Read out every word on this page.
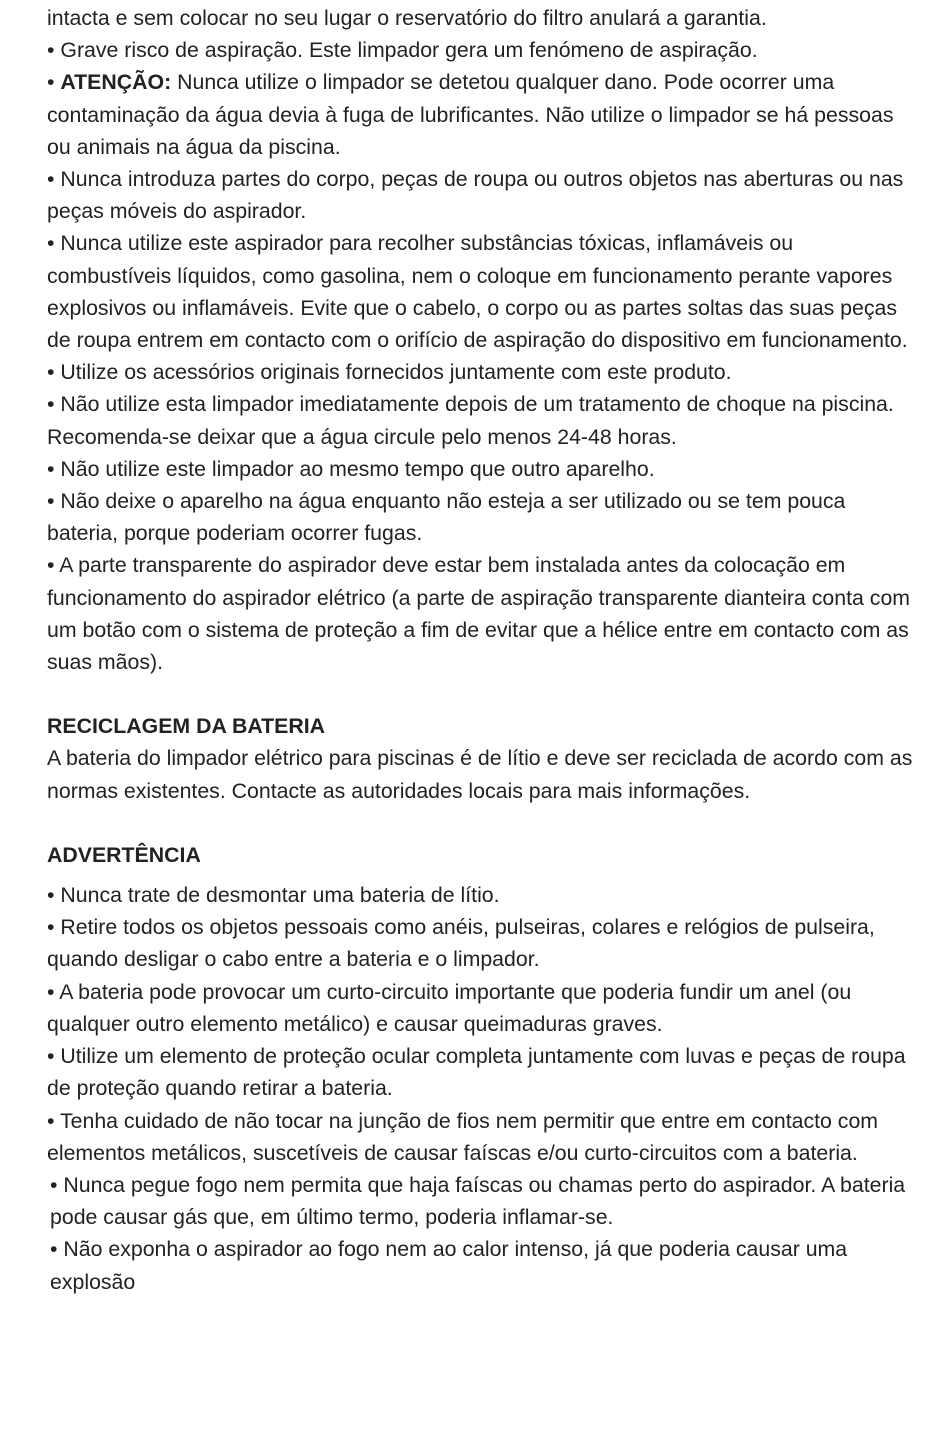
intacta e sem colocar no seu lugar o reservatório do filtro anulará a garantia.

• Grave risco de aspiração. Este limpador gera um fenómeno de aspiração.

• ATENÇÃO: Nunca utilize o limpador se detetou qualquer dano. Pode ocorrer uma contaminação da água devia à fuga de lubrificantes. Não utilize o limpador se há pessoas ou animais na água da piscina.

• Nunca introduza partes do corpo, peças de roupa ou outros objetos nas aberturas ou nas peças móveis do aspirador.

• Nunca utilize este aspirador para recolher substâncias tóxicas, inflamáveis ou combustíveis líquidos, como gasolina, nem o coloque em funcionamento perante vapores explosivos ou inflamáveis. Evite que o cabelo, o corpo ou as partes soltas das suas peças de roupa entrem em contacto com o orifício de aspiração do dispositivo em funcionamento.

• Utilize os acessórios originais fornecidos juntamente com este produto.

• Não utilize esta limpador imediatamente depois de um tratamento de choque na piscina. Recomenda-se deixar que a água circule pelo menos 24-48 horas.

• Não utilize este limpador ao mesmo tempo que outro aparelho.

• Não deixe o aparelho na água enquanto não esteja a ser utilizado ou se tem pouca bateria, porque poderiam ocorrer fugas.

• A parte transparente do aspirador deve estar bem instalada antes da colocação em funcionamento do aspirador elétrico (a parte de aspiração transparente dianteira conta com um botão com o sistema de proteção a fim de evitar que a hélice entre em contacto com as suas mãos).

RECICLAGEM DA BATERIA

A bateria do limpador elétrico para piscinas é de lítio e deve ser reciclada de acordo com as normas existentes. Contacte as autoridades locais para mais informações.

ADVERTÊNCIA

• Nunca trate de desmontar uma bateria de lítio.

• Retire todos os objetos pessoais como anéis, pulseiras, colares e relógios de pulseira, quando desligar o cabo entre a bateria e o limpador.

• A bateria pode provocar um curto-circuito importante que poderia fundir um anel (ou qualquer outro elemento metálico) e causar queimaduras graves.

• Utilize um elemento de proteção ocular completa juntamente com luvas e peças de roupa de proteção quando retirar a bateria.

• Tenha cuidado de não tocar na junção de fios nem permitir que entre em contacto com elementos metálicos, suscetíveis de causar faíscas e/ou curto-circuitos com a bateria.

• Nunca pegue fogo nem permita que haja faíscas ou chamas perto do aspirador. A bateria pode causar gás que, em último termo, poderia inflamar-se.

• Não exponha o aspirador ao fogo nem ao calor intenso, já que poderia causar uma explosão
